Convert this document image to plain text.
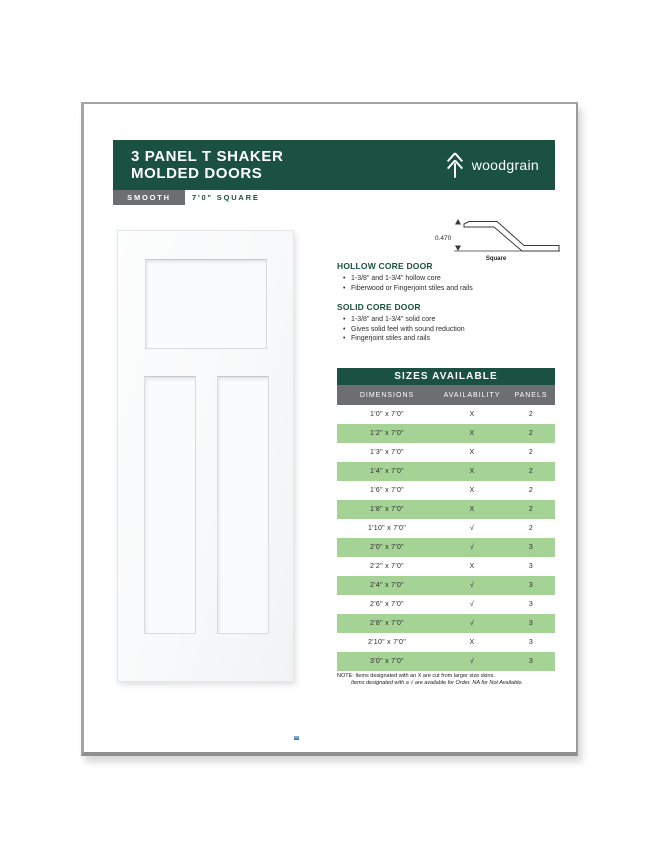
3 PANEL T SHAKER
MOLDED DOORS	woodgrain
SMOOTH	7'0" SQUARE
0.470
Square
HOLLOW CORE DOOR
• 1-3/8" and 1-3/4" hollow core
• Fiberwood or Fingerjoint stiles and rails
SOLID CORE DOOR
• 1-3/8" and 1-3/4" solid core
• Gives solid feel with sound reduction
• Fingerjoint stiles and rails
SIZES AVAILABLE
DIMENSIONS	AVAILABILITY	PANELS
1'0" x 7'0"	X	2
1'2" x 7'0"	X	2
1'3" x 7'0"	X	2
1'4" x 7'0"	X	2
1'6" x 7'0"	X	2
1'8" x 7'0"	X	2
1'10" x 7'0"	√	2
2'0" x 7'0"	√	3
2'2" x 7'0"	X	3
2'4" x 7'0"	√	3
2'6" x 7'0"	√	3
2'8" x 7'0"	√	3
2'10" x 7'0"	X	3
3'0" x 7'0"	√	3
NOTE: Items designated with an X are cut from larger size skins.
Items designated with a √ are available for Order. NA for Not Available.
